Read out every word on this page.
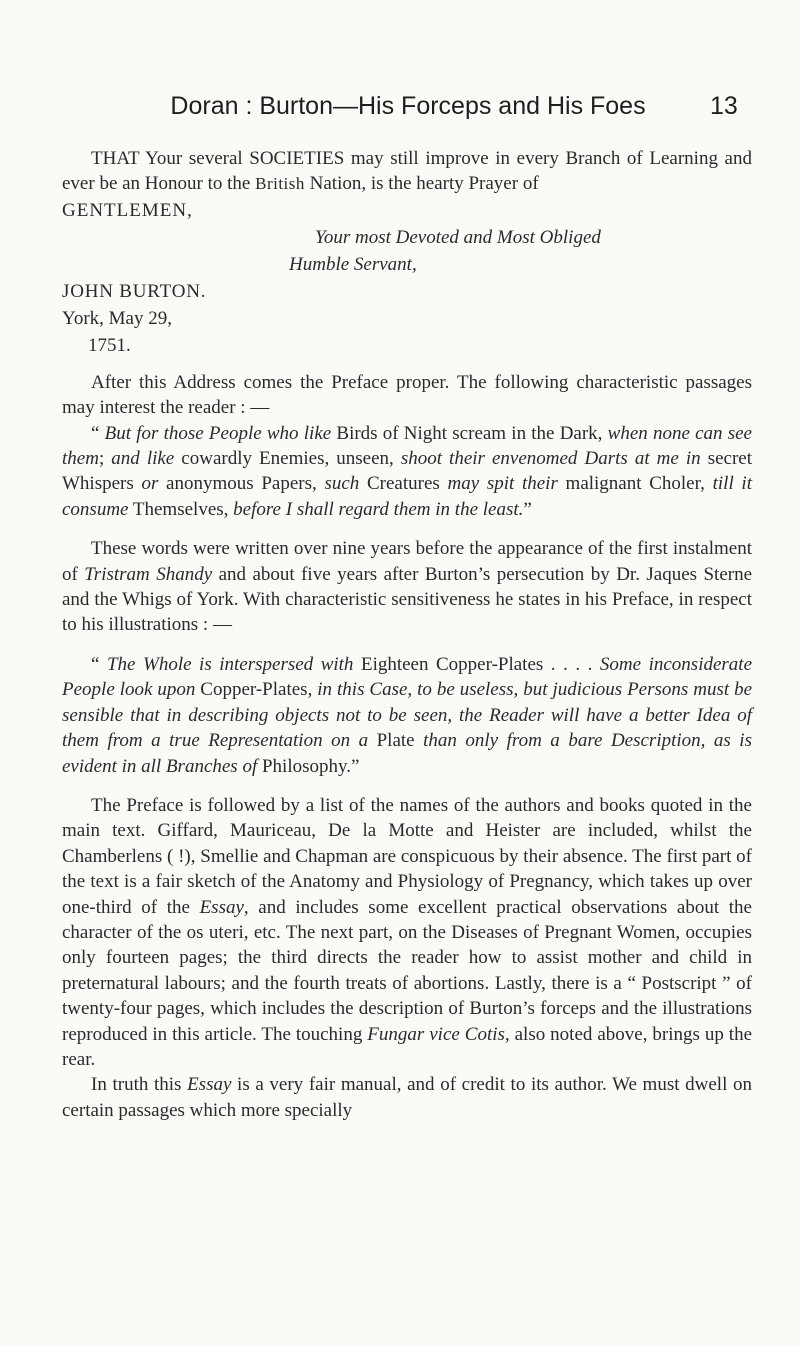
Doran : Burton—His Forceps and His Foes	13

THAT Your several SOCIETIES may still improve in every Branch of Learning and ever be an Honour to the British Nation, is the hearty Prayer of

GENTLEMEN,

Your most Devoted and Most Obliged

Humble Servant,

JOHN BURTON.

York, May 29,

1751.

After this Address comes the Preface proper. The following characteristic passages may interest the reader : —

“ But for those People who like Birds of Night scream in the Dark, when none can see them; and like cowardly Enemies, unseen, shoot their envenomed Darts at me in secret Whispers or anonymous Papers, such Creatures may spit their malignant Choler, till it consume Themselves, before I shall regard them in the least.”

These words were written over nine years before the appearance of the first instalment of Tristram Shandy and about five years after Burton’s persecution by Dr. Jaques Sterne and the Whigs of York. With characteristic sensitiveness he states in his Preface, in respect to his illustrations : —

“ The Whole is interspersed with Eighteen Copper-Plates . . . . Some inconsiderate People look upon Copper-Plates, in this Case, to be useless, but judicious Persons must be sensible that in describing objects not to be seen, the Reader will have a better Idea of them from a true Representation on a Plate than only from a bare Description, as is evident in all Branches of Philosophy.”

The Preface is followed by a list of the names of the authors and books quoted in the main text. Giffard, Mauriceau, De la Motte and Heister are included, whilst the Chamberlens ( !), Smellie and Chapman are conspicuous by their absence. The first part of the text is a fair sketch of the Anatomy and Physiology of Pregnancy, which takes up over one-third of the Essay, and includes some excellent practical observations about the character of the os uteri, etc. The next part, on the Diseases of Pregnant Women, occupies only fourteen pages; the third directs the reader how to assist mother and child in preternatural labours; and the fourth treats of abortions. Lastly, there is a “ Postscript ” of twenty-four pages, which includes the description of Burton’s forceps and the illustrations reproduced in this article. The touching Fungar vice Cotis, also noted above, brings up the rear.

In truth this Essay is a very fair manual, and of credit to its author. We must dwell on certain passages which more specially
